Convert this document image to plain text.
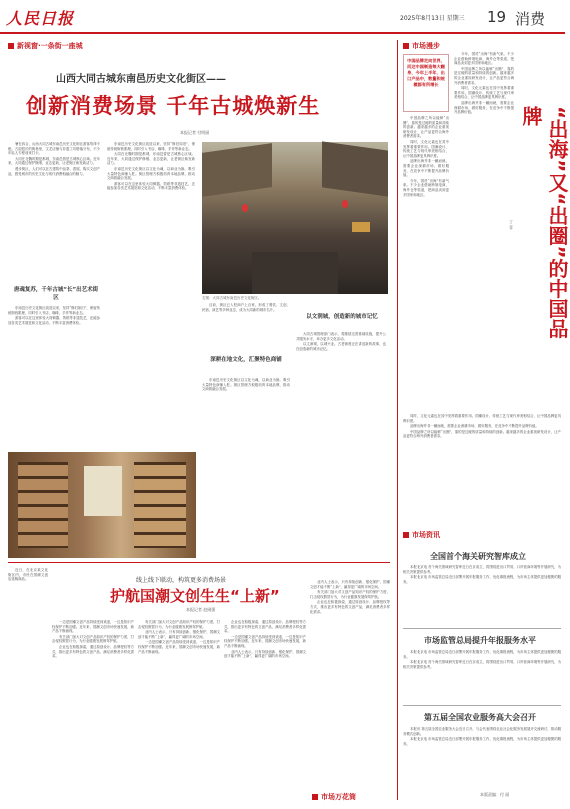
人民日报	2025年8月13日 星期三 19 消费
新视窗·一条街一座城
山西大同古城东南邑历史文化街区——
创新消费场景 千年古城焕新生
本报记者 付明丽

暑在四合，山西大同古城东南邑历史文化街区游客络绎不绝。古韵悠长的街巷里，文艺店铺与非遗工坊错落分布，不少年轻人专程前来打卡。

大同在北魏时期是都城，东南邑曾是古城核心区域。近年来，大同通过保护修缮、业态更新，让老街区焕发新活力。

漫步街区，人们可以在古建筑中品茶、看展、购买文创产品，感受城市的历史文化与现代消费相融合的魅力。

唐魂复苏，千年古城“长”出艺术街区

东南邑历史文化街区改造以来，坚持“修旧如旧”，保留传统街巷肌理，同时引入书店、咖啡、手作等新业态。

游客可以在这里体验大同铜器、剪纸等非遗技艺，还能参加各类艺术展览和文化活动，不断丰富消费体验。

东南邑历史文化街区改造以来，坚持“修旧如旧”，保留传统街巷肌理，同时引入书店、咖啡、手作等新业态。

大同在北魏时期是都城，东南邑曾是古城核心区域。近年来，大同通过保护修缮、业态更新，让老街区焕发新活力。

东南邑历史文化街区以文化为魂，以商业为脉，吸引大量特色商铺入驻。街区管理方积极培育本地品牌，推动文商旅融合发展。

游客可以在这里体验大同铜器、剪纸等非遗技艺，还能参加各类艺术展览和文化活动，不断丰富消费体验。

右图：大同古城东南邑历史文化街区。

目前，街区已入驻商户上百家，形成了餐饮、文创、民宿、演艺等多种业态，成为大同新的城市名片。

以文润城，创造新的城市记忆
深耕在地文化，汇聚特色商铺

东南邑历史文化街区以文化为魂，以商业为脉，吸引大量特色商铺入驻。街区管理方积极培育本地品牌，推动文商旅融合发展。

大同古城管理部门表示，将继续完善基础设施，提升公共服务水平，举办更多文化活动。

以文润城，以城兴业。古老街巷正在讲述新的故事，也在创造新的城市记忆。

近日，在北京某文化街区内，市民在国潮文创店选购商品。	线上线下联动，构筑更多消费场景
护航国潮文创生生“上新”
本报记者 赵刚强

一边是国潮文创产品持续受到欢迎，一边是知识产权保护不断加强。近年来，国潮文创市场快速发展，新产品不断涌现。

有关部门加大对文创产品知识产权的保护力度，打击侵权假冒行为，为行业健康发展保驾护航。

企业也在积极探索，通过原创设计、品牌授权等方式，推出更多有特色的文创产品，满足消费者多样化需求。

有关部门加大对文创产品知识产权的保护力度，打击侵权假冒行为，为行业健康发展保驾护航。

业内人士表示，只有持续创新、强化保护，国潮文创才能不断“上新”，赢得更广阔的市场空间。

一边是国潮文创产品持续受到欢迎，一边是知识产权保护不断加强。近年来，国潮文创市场快速发展，新产品不断涌现。

企业也在积极探索，通过原创设计、品牌授权等方式，推出更多有特色的文创产品，满足消费者多样化需求。

一边是国潮文创产品持续受到欢迎，一边是知识产权保护不断加强。近年来，国潮文创市场快速发展，新产品不断涌现。

业内人士表示，只有持续创新、强化保护，国潮文创才能不断“上新”，赢得更广阔的市场空间。

业内人士表示，只有持续创新、强化保护，国潮文创才能不断“上新”，赢得更广阔的市场空间。

有关部门加大对文创产品知识产权的保护力度，打击侵权假冒行为，为行业健康发展保驾护航。

企业也在积极探索，通过原创设计、品牌授权等方式，推出更多有特色的文创产品，满足消费者多样化需求。

市场万花筒
市场漫步
中国品牌走向世界，而这中国制造每大翻身，今年上半年，出口产品中，数量和规模都有所增长

今年，国货“出海”有新气象。不少企业借助跨境电商、海外仓等渠道，把商品卖到更多国家和地区。

中国品牌之所以能够“出圈”，靠的是过硬的质量和持续的创新。越来越多的企业重视研发设计，让产品更符合海外消费者需求。

同时，文化元素也在其中发挥着重要作用。国潮设计、传统工艺与现代审美相结合，让中国品牌更具辨识度。

品牌出海并非一蹴而就，需要企业深耕市场、做好服务，在竞争中不断提升品牌价值。

中国品牌之所以能够“出圈”，靠的是过硬的质量和持续的创新。越来越多的企业重视研发设计，让产品更符合海外消费者需求。

同时，文化元素也在其中发挥着重要作用。国潮设计、传统工艺与现代审美相结合，让中国品牌更具辨识度。

品牌出海并非一蹴而就，需要企业深耕市场、做好服务，在竞争中不断提升品牌价值。

今年，国货“出海”有新气象。不少企业借助跨境电商、海外仓等渠道，把商品卖到更多国家和地区。	“出海”又“出圈”的中国品牌
丁 菲

同时，文化元素也在其中发挥着重要作用。国潮设计、传统工艺与现代审美相结合，让中国品牌更具辨识度。

品牌出海并非一蹴而就，需要企业深耕市场、做好服务，在竞争中不断提升品牌价值。

中国品牌之所以能够“出圈”，靠的是过硬的质量和持续的创新。越来越多的企业重视研发设计，让产品更符合海外消费者需求。

市场资讯
全国首个海关研究智库成立

本报北京电 首个海关领域研究智库近日在京成立，将围绕进出口贸易、口岸营商环境等开展研究，为相关决策提供参考。

本报北京电 市场监管总局近日部署开展年报服务工作，优化填报流程，为市场主体提供更加便捷的服务。

市场监管总局提升年报服务水平

本报北京电 市场监管总局近日部署开展年报服务工作，优化填报流程，为市场主体提供更加便捷的服务。

本报北京电 首个海关领域研究智库近日在京成立，将围绕进出口贸易、口岸营商环境等开展研究，为相关决策提供参考。

第五届全国农业服务高大会召开

本报讯 第五届全国农业服务大会近日召开，与会代表围绕农业社会化服务发展展开交流研讨，推动服务模式创新。

本报北京电 市场监管总局近日部署开展年报服务工作，优化填报流程，为市场主体提供更加便捷的服务。

本版责编：付 丽
